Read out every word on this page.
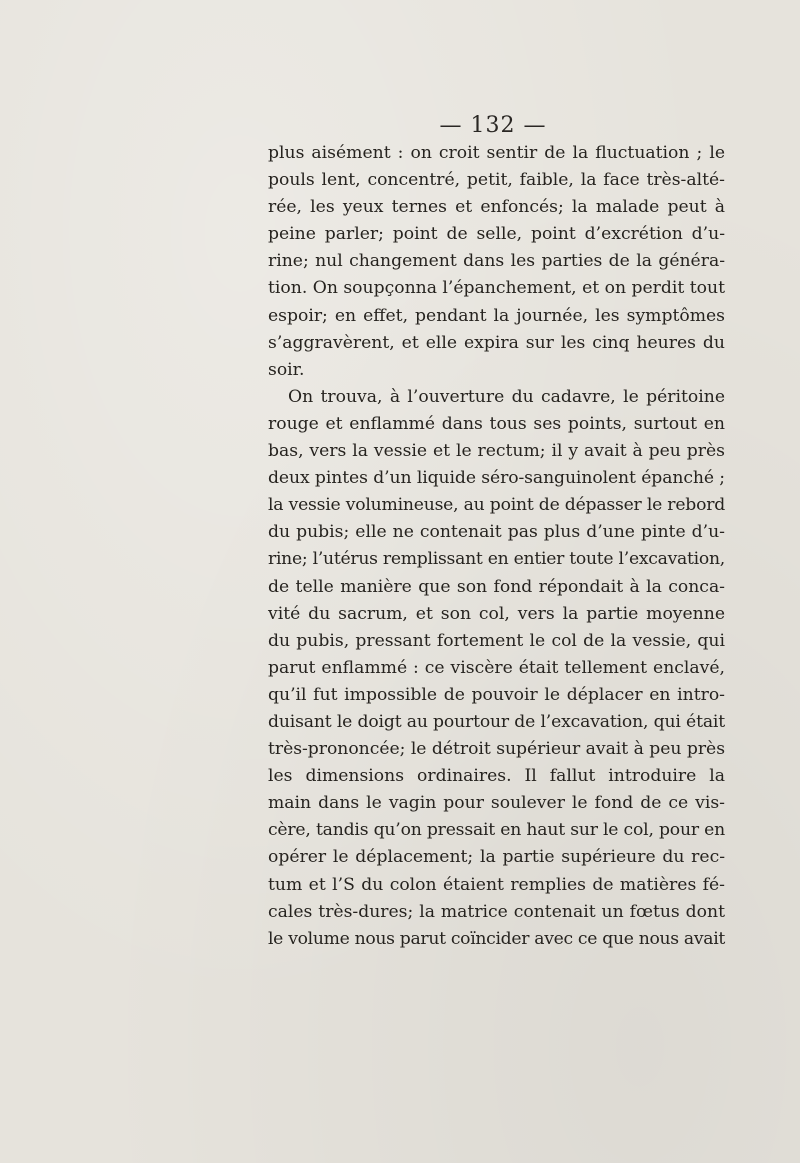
— 132 —
plus aisément : on croit sentir de la fluctuation ; le
pouls lent, concentré, petit, faible, la face très-alté-
rée, les yeux ternes et enfoncés; la malade peut à
peine parler; point de selle, point d’excrétion d’u-
rine; nul changement dans les parties de la généra-
tion. On soupçonna l’épanchement, et on perdit tout
espoir; en effet, pendant la journée, les symptômes
s’aggravèrent, et elle expira sur les cinq heures du
soir.
On trouva, à l’ouverture du cadavre, le péritoine
rouge et enflammé dans tous ses points, surtout en
bas, vers la vessie et le rectum; il y avait à peu près
deux pintes d’un liquide séro-sanguinolent épanché ;
la vessie volumineuse, au point de dépasser le rebord
du pubis; elle ne contenait pas plus d’une pinte d’u-
rine; l’utérus remplissant en entier toute l’excavation,
de telle manière que son fond répondait à la conca-
vité du sacrum, et son col, vers la partie moyenne
du pubis, pressant fortement le col de la vessie, qui
parut enflammé : ce viscère était tellement enclavé,
qu’il fut impossible de pouvoir le déplacer en intro-
duisant le doigt au pourtour de l’excavation, qui était
très-prononcée; le détroit supérieur avait à peu près
les dimensions ordinaires. Il fallut introduire la
main dans le vagin pour soulever le fond de ce vis-
cère, tandis qu’on pressait en haut sur le col, pour en
opérer le déplacement; la partie supérieure du rec-
tum et l’S du colon étaient remplies de matières fé-
cales très-dures; la matrice contenait un fœtus dont
le volume nous parut coïncider avec ce que nous avait
